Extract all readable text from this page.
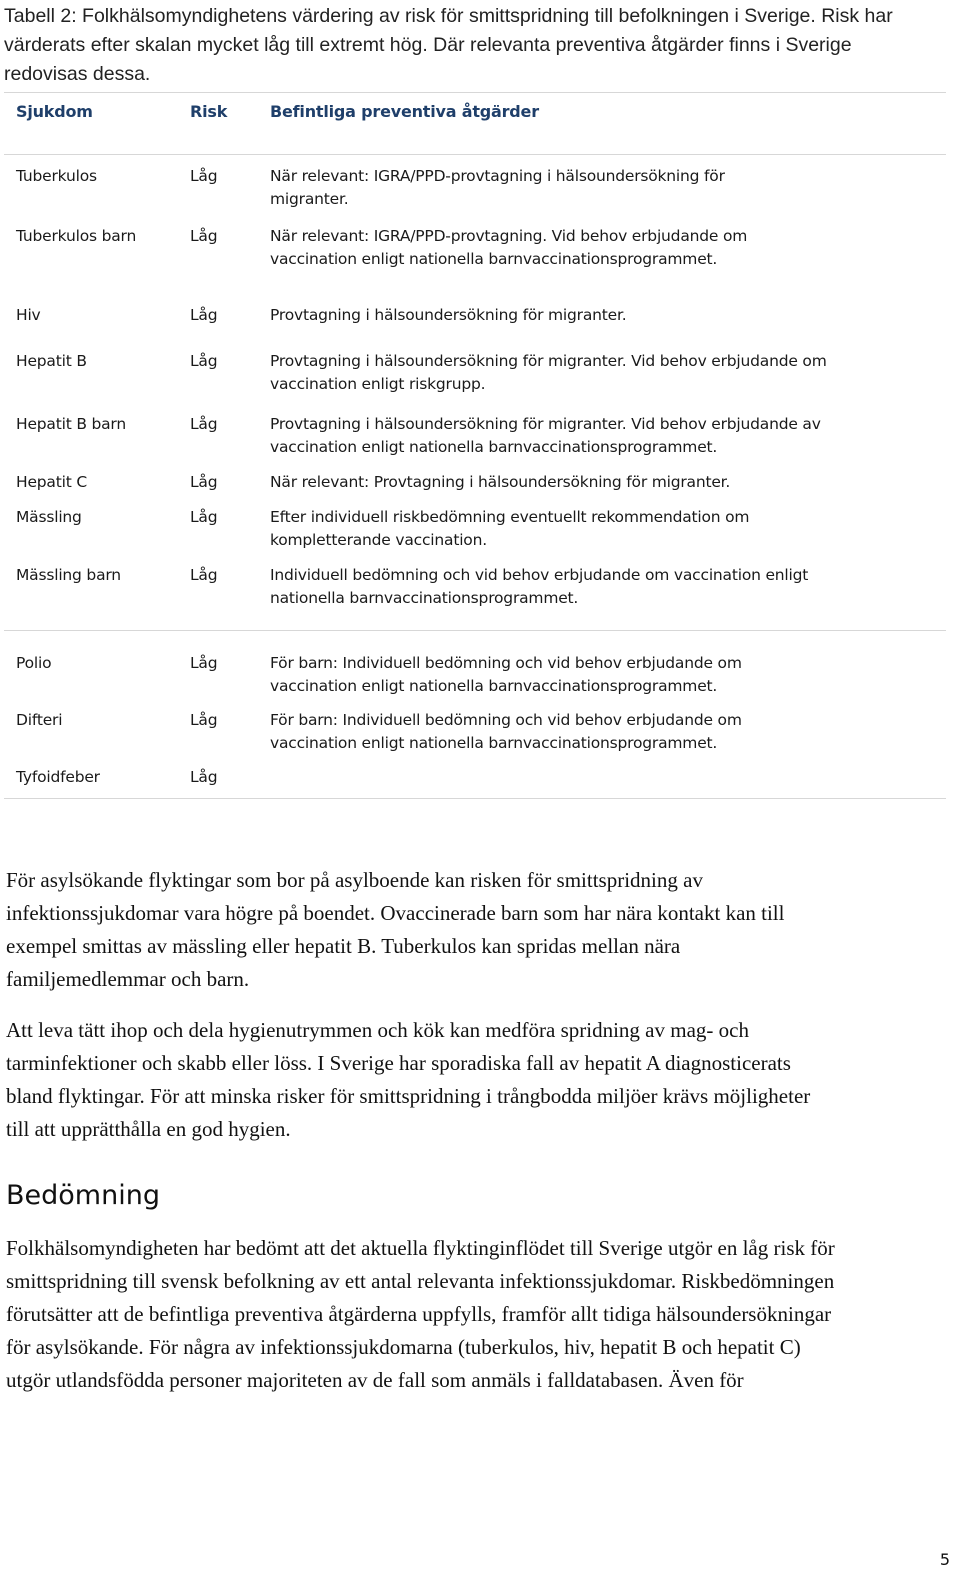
Tabell 2: Folkhälsomyndighetens värdering av risk för smittspridning till befolkningen i Sverige. Risk har värderats efter skalan mycket låg till extremt hög. Där relevanta preventiva åtgärder finns i Sverige redovisas dessa.
Sjukdom	Risk	Befintliga preventiva åtgärder
Tuberkulos	Låg	När relevant: IGRA/PPD-provtagning i hälsoundersökning för migranter.
Tuberkulos barn	Låg	När relevant: IGRA/PPD-provtagning. Vid behov erbjudande om vaccination enligt nationella barnvaccinationsprogrammet.
Hiv	Låg	Provtagning i hälsoundersökning för migranter.
Hepatit B	Låg	Provtagning i hälsoundersökning för migranter. Vid behov erbjudande om vaccination enligt riskgrupp.
Hepatit B barn	Låg	Provtagning i hälsoundersökning för migranter. Vid behov erbjudande av vaccination enligt nationella barnvaccinationsprogrammet.
Hepatit C	Låg	När relevant: Provtagning i hälsoundersökning för migranter.
Mässling	Låg	Efter individuell riskbedömning eventuellt rekommendation om kompletterande vaccination.
Mässling barn	Låg	Individuell bedömning och vid behov erbjudande om vaccination enligt nationella barnvaccinationsprogrammet.
Polio	Låg	För barn: Individuell bedömning och vid behov erbjudande om vaccination enligt nationella barnvaccinationsprogrammet.
Difteri	Låg	För barn: Individuell bedömning och vid behov erbjudande om vaccination enligt nationella barnvaccinationsprogrammet.
Tyfoidfeber	Låg
För asylsökande flyktingar som bor på asylboende kan risken för smittspridning av infektionssjukdomar vara högre på boendet. Ovaccinerade barn som har nära kontakt kan till exempel smittas av mässling eller hepatit B. Tuberkulos kan spridas mellan nära familjemedlemmar och barn.
Att leva tätt ihop och dela hygienutrymmen och kök kan medföra spridning av mag- och tarminfektioner och skabb eller löss. I Sverige har sporadiska fall av hepatit A diagnosticerats bland flyktingar. För att minska risker för smittspridning i trångbodda miljöer krävs möjligheter till att upprätthålla en god hygien.
Bedömning
Folkhälsomyndigheten har bedömt att det aktuella flyktinginflödet till Sverige utgör en låg risk för smittspridning till svensk befolkning av ett antal relevanta infektionssjukdomar. Riskbedömningen förutsätter att de befintliga preventiva åtgärderna uppfylls, framför allt tidiga hälsoundersökningar för asylsökande. För några av infektionssjukdomarna (tuberkulos, hiv, hepatit B och hepatit C) utgör utlandsfödda personer majoriteten av de fall som anmäls i falldatabasen. Även för
5
